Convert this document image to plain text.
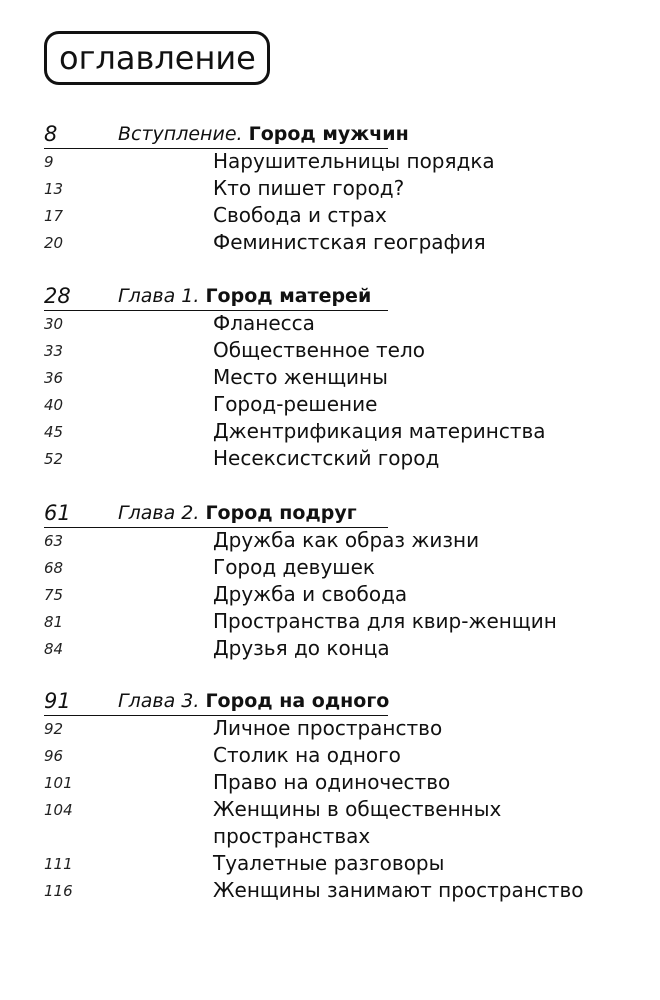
оглавление
8	Вступление. Город мужчин
9	Нарушительницы порядка
13	Кто пишет город?
17	Свобода и страх
20	Феминистская география
28 Глава 1. Город матерей
30	Фланесса
33	Общественное тело
36	Место женщины
40	Город-решение
45	Джентрификация материнства
52	Несексистский город
61 Глава 2. Город подруг
63	Дружба как образ жизни
68	Город девушек
75	Дружба и свобода
81	Пространства для квир-женщин
84	Друзья до конца
91 Глава 3. Город на одного
92	Личное пространство
96	Столик на одного
101	Право на одиночество
104	Женщины в общественных
пространствах
111	Туалетные разговоры
116	Женщины занимают пространство
